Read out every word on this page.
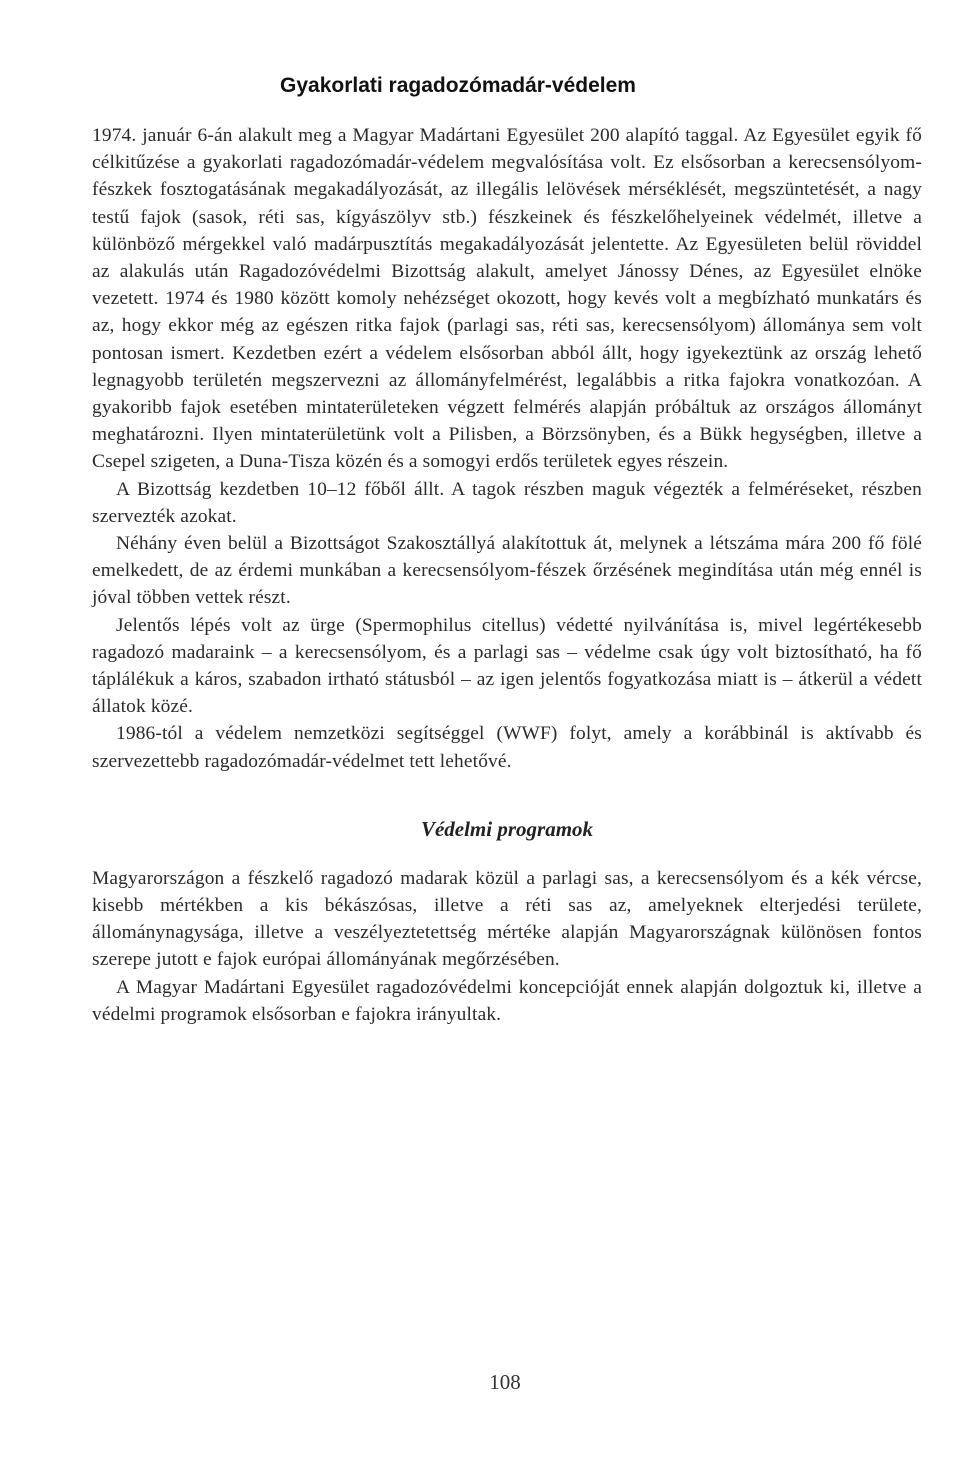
Gyakorlati ragadozómadár-védelem

1974. január 6-án alakult meg a Magyar Madártani Egyesület 200 alapító taggal. Az Egyesület egyik fő célkitűzése a gyakorlati ragadozómadár-védelem megvalósítása volt. Ez elsősorban a kerecsensólyom-fészkek fosztogatásának megakadályozását, az illegális lelövések mérséklését, megszüntetését, a nagy testű fajok (sasok, réti sas, kígyászölyv stb.) fészkeinek és fészkelőhelyeinek védelmét, illetve a különböző mérgekkel való madárpusztítás megakadályozását jelentette. Az Egyesületen belül röviddel az alakulás után Ragadozóvédelmi Bizottság alakult, amelyet Jánossy Dénes, az Egyesület elnöke vezetett. 1974 és 1980 között komoly nehézséget okozott, hogy kevés volt a megbízható munkatárs és az, hogy ekkor még az egészen ritka fajok (parlagi sas, réti sas, kerecsensólyom) állománya sem volt pontosan ismert. Kezdetben ezért a védelem elsősorban abból állt, hogy igyekeztünk az ország lehető legnagyobb területén megszervezni az állományfelmérést, legalábbis a ritka fajokra vonatkozóan. A gyakoribb fajok esetében mintaterületeken végzett felmérés alapján próbáltuk az országos állományt meghatározni. Ilyen mintaterületünk volt a Pilisben, a Börzsönyben, és a Bükk hegységben, illetve a Csepel szigeten, a Duna-Tisza közén és a somogyi erdős területek egyes részein.

A Bizottság kezdetben 10–12 főből állt. A tagok részben maguk végezték a felméréseket, részben szervezték azokat.

Néhány éven belül a Bizottságot Szakosztállyá alakítottuk át, melynek a létszáma mára 200 fő fölé emelkedett, de az érdemi munkában a kerecsensólyom-fészek őrzésének megindítása után még ennél is jóval többen vettek részt.

Jelentős lépés volt az ürge (Spermophilus citellus) védetté nyilvánítása is, mivel legértékesebb ragadozó madaraink – a kerecsensólyom, és a parlagi sas – védelme csak úgy volt biztosítható, ha fő táplálékuk a káros, szabadon irtható státusból – az igen jelentős fogyatkozása miatt is – átkerül a védett állatok közé.

1986-tól a védelem nemzetközi segítséggel (WWF) folyt, amely a korábbinál is aktívabb és szervezettebb ragadozómadár-védelmet tett lehetővé.

Védelmi programok

Magyarországon a fészkelő ragadozó madarak közül a parlagi sas, a kerecsensólyom és a kék vércse, kisebb mértékben a kis békászósas, illetve a réti sas az, amelyeknek elterjedési területe, állománynagysága, illetve a veszélyeztetettség mértéke alapján Magyarországnak különösen fontos szerepe jutott e fajok európai állományának megőrzésében.

A Magyar Madártani Egyesület ragadozóvédelmi koncepcióját ennek alapján dolgoztuk ki, illetve a védelmi programok elsősorban e fajokra irányultak.

108
